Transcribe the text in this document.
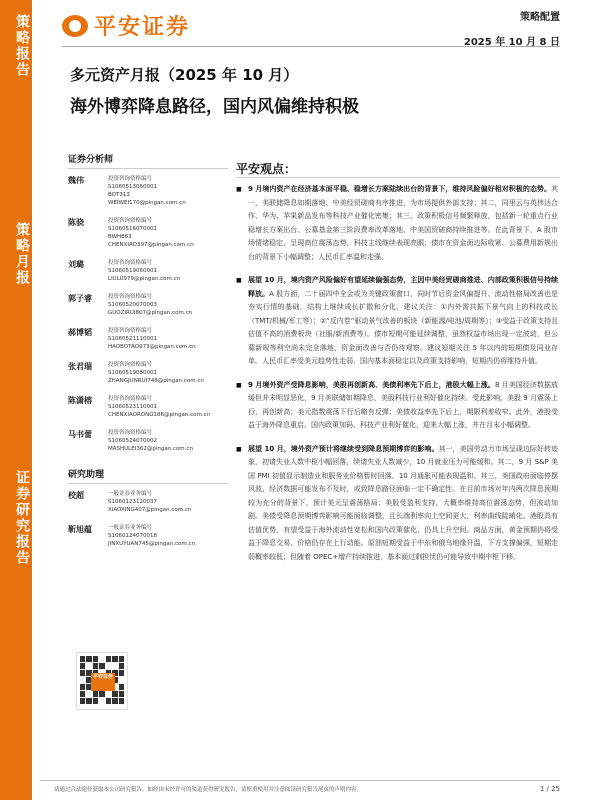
策略报告
策略月报
证券研究报告
平安证券	策略配置
2025 年 10 月 8 日
多元资产月报（2025 年 10 月）
海外博弈降息路径，国内风偏维持积极
证券分析师
魏伟	投资咨询资格编号
S1060513060001
BOT313
WEIWEI170@pingan.com.cn
陈骁	投资咨询资格编号
S1060516070001
BWH863
CHENXIAO397@pingan.com.cn
刘璐	投资咨询资格编号
S1060519060001
LIULU979@pingan.com.cn
郭子睿	投资咨询资格编号
S1060520070003
GUOZIRUI807@pingan.com.cn
郝博韬	投资咨询资格编号
S1060521110001
HAOBOTAO973@pingan.com.cn
张君瑞	投资咨询资格编号
S1060519080001
ZHANGJUNRUI748@pingan.com.cn
陈潇榕	投资咨询资格编号
S1060523110001
CHENXIAORONG186@pingan.com.cn
马书蕾	投资咨询资格编号
S1060524070002
MASHULEI362@pingan.com.cn
研究助理
校超	一般证券业务编号
S1060123120037
XIAOXING407@pingan.com.cn
靳旭蕴	一般证券业务编号
S1060124070018
JINXUYUAN745@pingan.com.cn
平安证券
平安观点：
■ 9 月境内资产在经济基本面平稳、稳增长方案陆续出台的背景下，维持风险偏好相对积极的态势。其一，美联储降息如期落地、中美经贸磋商有序推进，为市场提供外部支持；其二，同里云与英伟达合作、华为、苹果新品发布等科技产业催化密集；其三，政策积极信号频繁释放，包括新一轮重点行业稳增长方案出台、公募基金第三阶段费率改革落地、中美国贸磋商持续推进等。在此背景下，A 股市场情绪稳定，呈现高位震荡态势，科技主线继续表现亮眼；债市在资金面边际收紧、公募费用新规出台的背景下小幅调整；人民币汇率温和走强。
■ 展望 10 月，境内资产风险偏好有望延续偏强态势，主因中美经贸磋商推进、内部政策积极信号持续释放。A 股方面，二十届四中全会或为关键政策窗口，同时节后资金风偏提升、流动性格局改善也是夯实行情的基础，结构上继续成长扩散和分化，建议关注：①内外需共振下景气向上的科技成长（TMT/机械/军工等）；②“反内卷”驱动景气改善的板块（新能源/电池/周期等）；③受益于政策支持且估值不高的消费板块（社服/新消费等）。债市短期可能延续调整，虽然权益市场出现一定波动，但公募新规等利空尚未完全落地，资金面改善与否仍待观察。建议短期关注 5 年以内的短期债及同业存单。人民币汇率受美元趋势性走弱、国内基本面稳定以及政策支持影响，短期内仍将维持升值。
■ 9 月境外资产受降息影响，美股再创新高、美债利率先下后上，港股大幅上涨。8 月美国经济数据放缓但并未明显恶化，9 月美联储如期降息，美股科技行业利好催化持续。受此影响，美股 9 月震荡上行，再创新高；美元指数震荡下行后略有反弹；美债收益率先下后上，期限利差收窄。此外，港股受益于海外降息重启、国内政策加码、科技产业利好催化，迎来大幅上涨，并在月末小幅调整。
■ 展望 10 月，境外资产预计将继续受到降息预期博弈的影响。其一，美国劳动力市场呈现边际好转迹象，初请失业人数中枢小幅回落，续请失业人数减少，10 月就业压力可能缓和。其二，9 月 S&P 美国 PMI 初值显示制造业和服务业价格暂时回落，10 月通胀可能表现温和。其三，美国政府面临停摆风波，经济数据可能发布不及时，或致降息路径面临一定不确定性。在目前市场对年内两次降息预期较为充分的背景下，预计美元呈震荡格局；美股受盈利支持，大概率维持高位震荡态势，但波动加剧。美债受降息预期博弈影响可能面临调整，且长端利率向上空间更大，利率曲线陡峭化。港股具有估值优势，有望受益于海外流动性宽松和国内政策催化，仍具上升空间。商品方面，黄金预期仍将受益于降息交易，价格仍存在上行动能。原油短期受益于中东和俄乌地缘升温，下方支撑偏强，短期走弱概率较低；但随着 OPEC+增产持续推进，基本面过剩担忧仍可能导致中期中枢下移。
请通过合法途径获取本公司研究报告，如经由未经许可的渠道获得研究报告，请慎重使用并注意阅读研究报告尾页的声明内容。	1 / 25
